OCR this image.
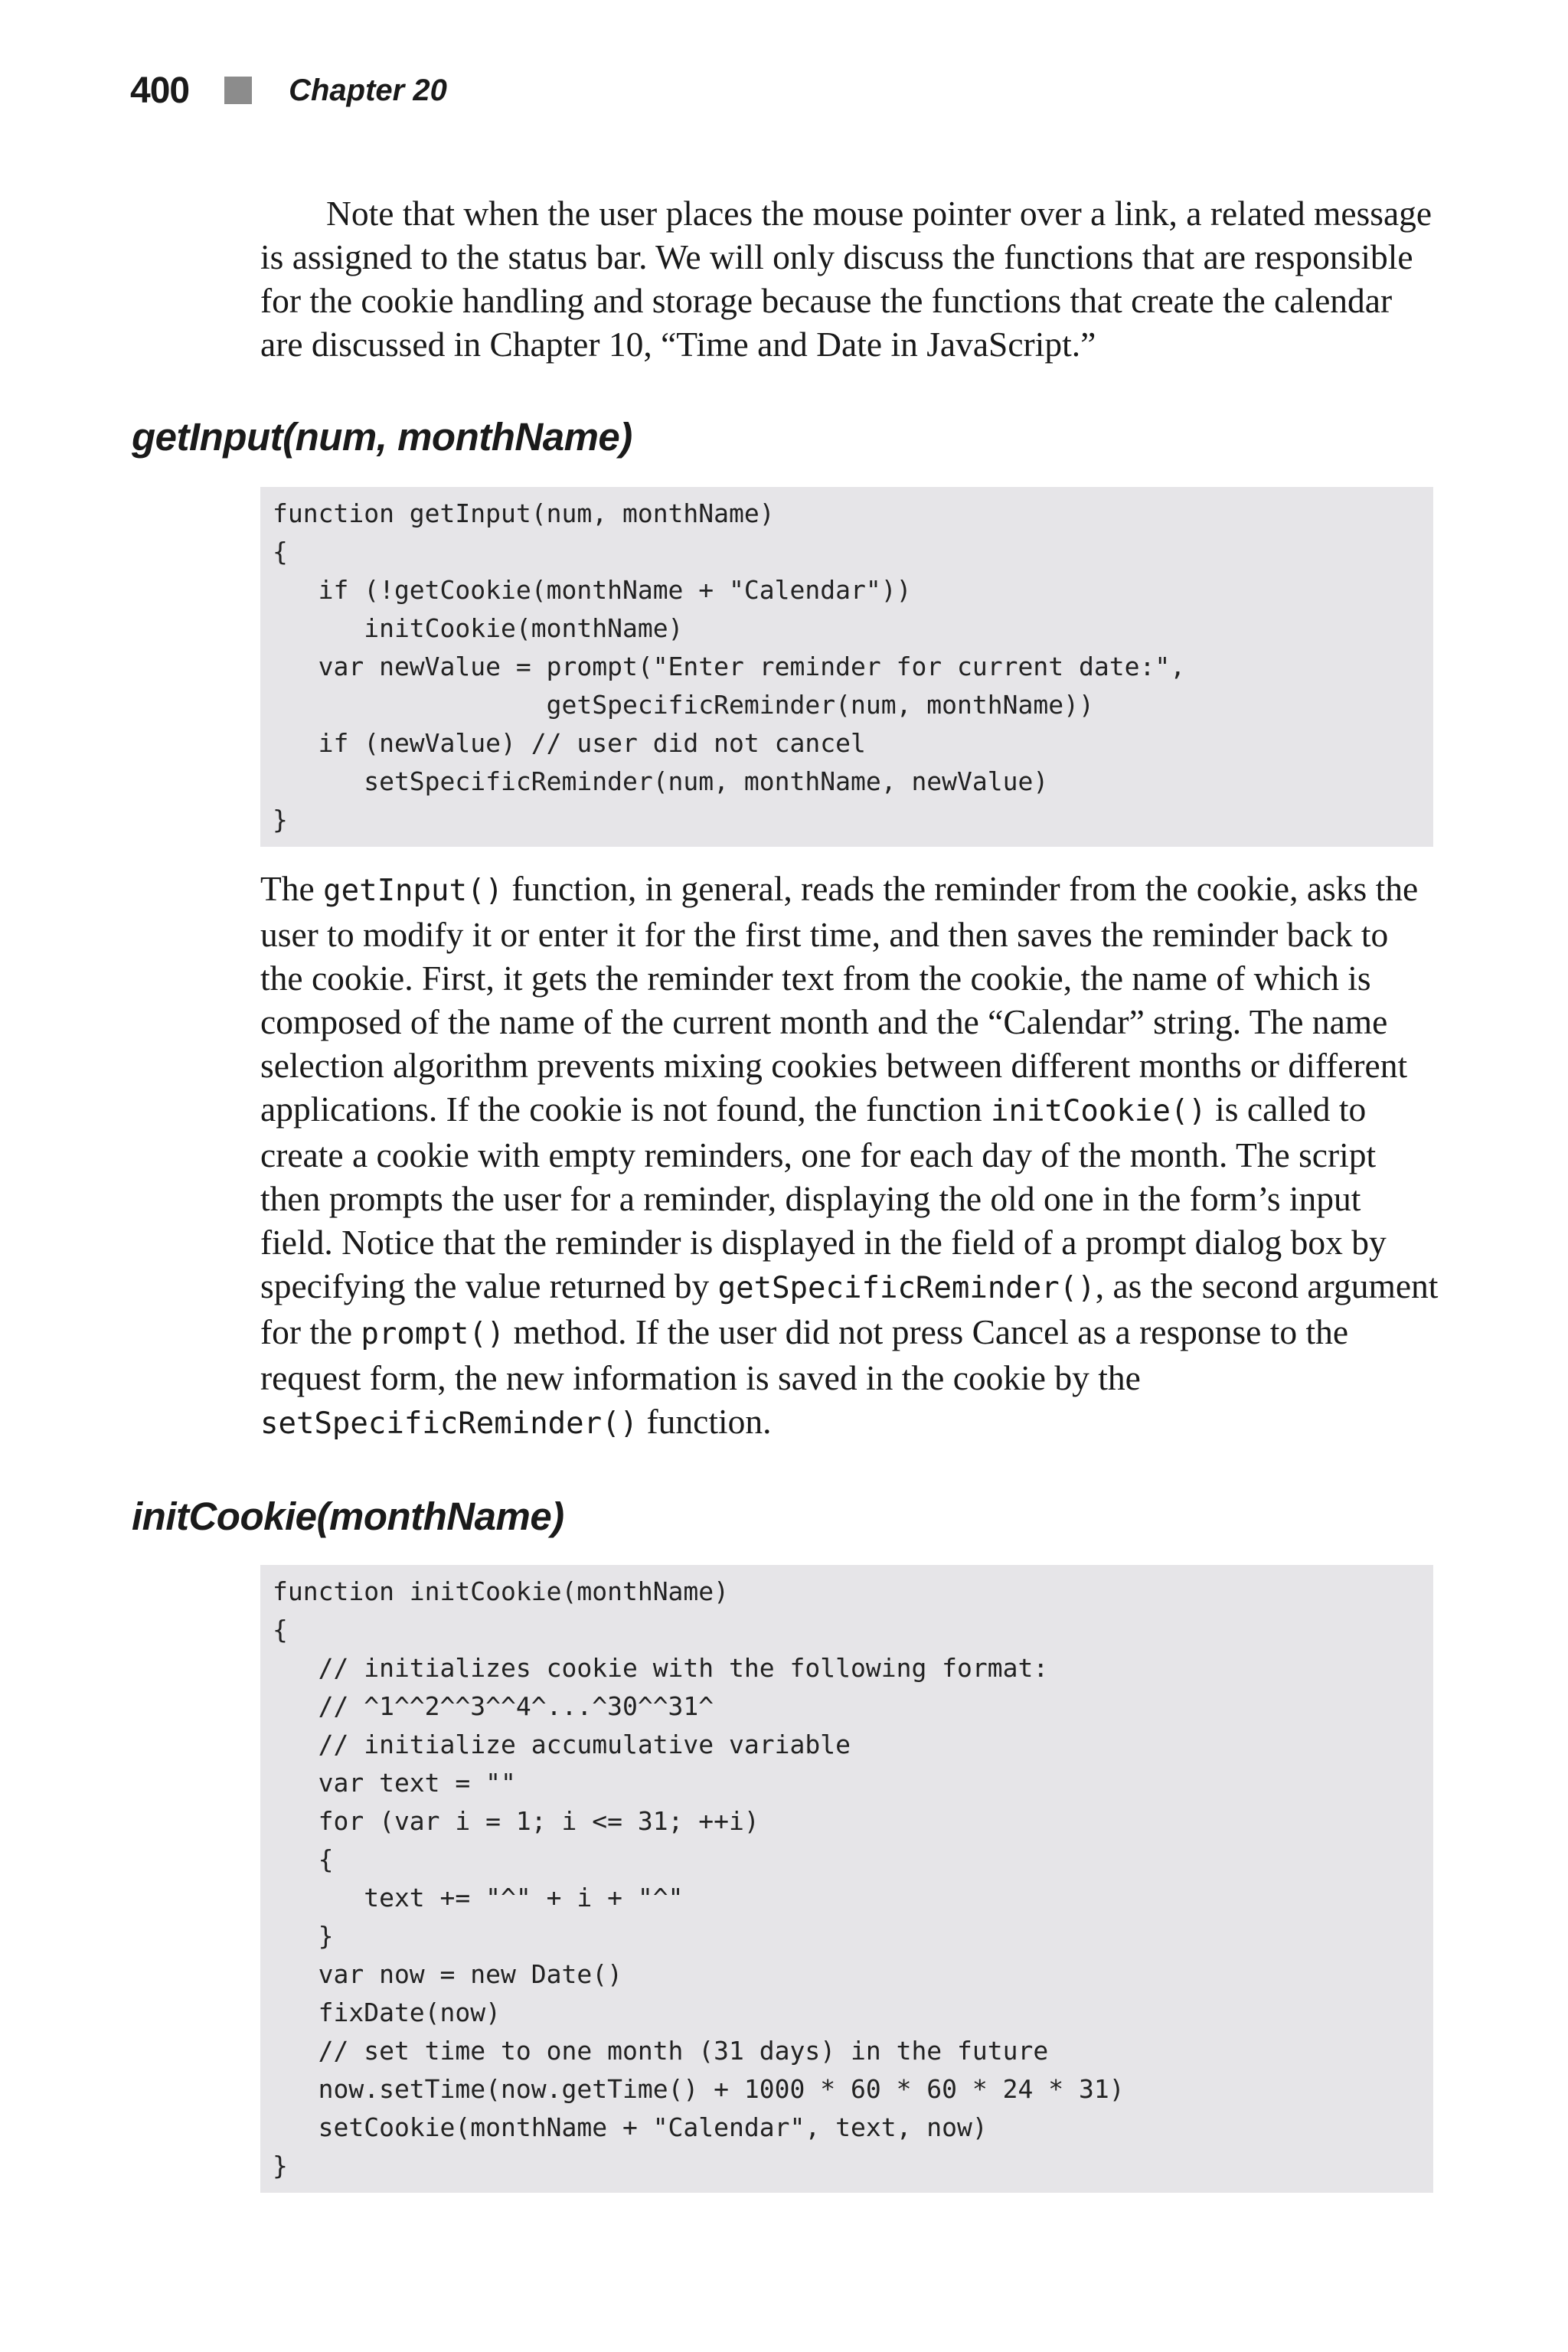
400	Chapter 20

Note that when the user places the mouse pointer over a link, a related message is assigned to the status bar. We will only discuss the functions that are responsible for the cookie handling and storage because the functions that create the calendar are discussed in Chapter 10, “Time and Date in JavaScript.”

getInput(num, monthName)
function getInput(num, monthName)
{
if (!getCookie(monthName + "Calendar"))
initCookie(monthName)
var newValue = prompt("Enter reminder for current date:",
getSpecificReminder(num, monthName))
if (newValue) // user did not cancel
setSpecificReminder(num, monthName, newValue)
}

The getInput() function, in general, reads the reminder from the cookie, asks the user to modify it or enter it for the first time, and then saves the reminder back to the cookie. First, it gets the reminder text from the cookie, the name of which is composed of the name of the current month and the “Calendar” string. The name selection algorithm prevents mixing cookies between different months or different applications. If the cookie is not found, the function initCookie() is called to create a cookie with empty reminders, one for each day of the month. The script then prompts the user for a reminder, displaying the old one in the form’s input field. Notice that the reminder is displayed in the field of a prompt dialog box by specifying the value returned by getSpecificReminder(), as the second argument for the prompt() method. If the user did not press Cancel as a response to the request form, the new information is saved in the cookie by the setSpecificReminder() function.

initCookie(monthName)
function initCookie(monthName)
{
// initializes cookie with the following format:
// ^1^^2^^3^^4^...^30^^31^
// initialize accumulative variable
var text = ""
for (var i = 1; i <= 31; ++i)
{
text += "^" + i + "^"
}
var now = new Date()
fixDate(now)
// set time to one month (31 days) in the future
now.setTime(now.getTime() + 1000 * 60 * 60 * 24 * 31)
setCookie(monthName + "Calendar", text, now)
}
